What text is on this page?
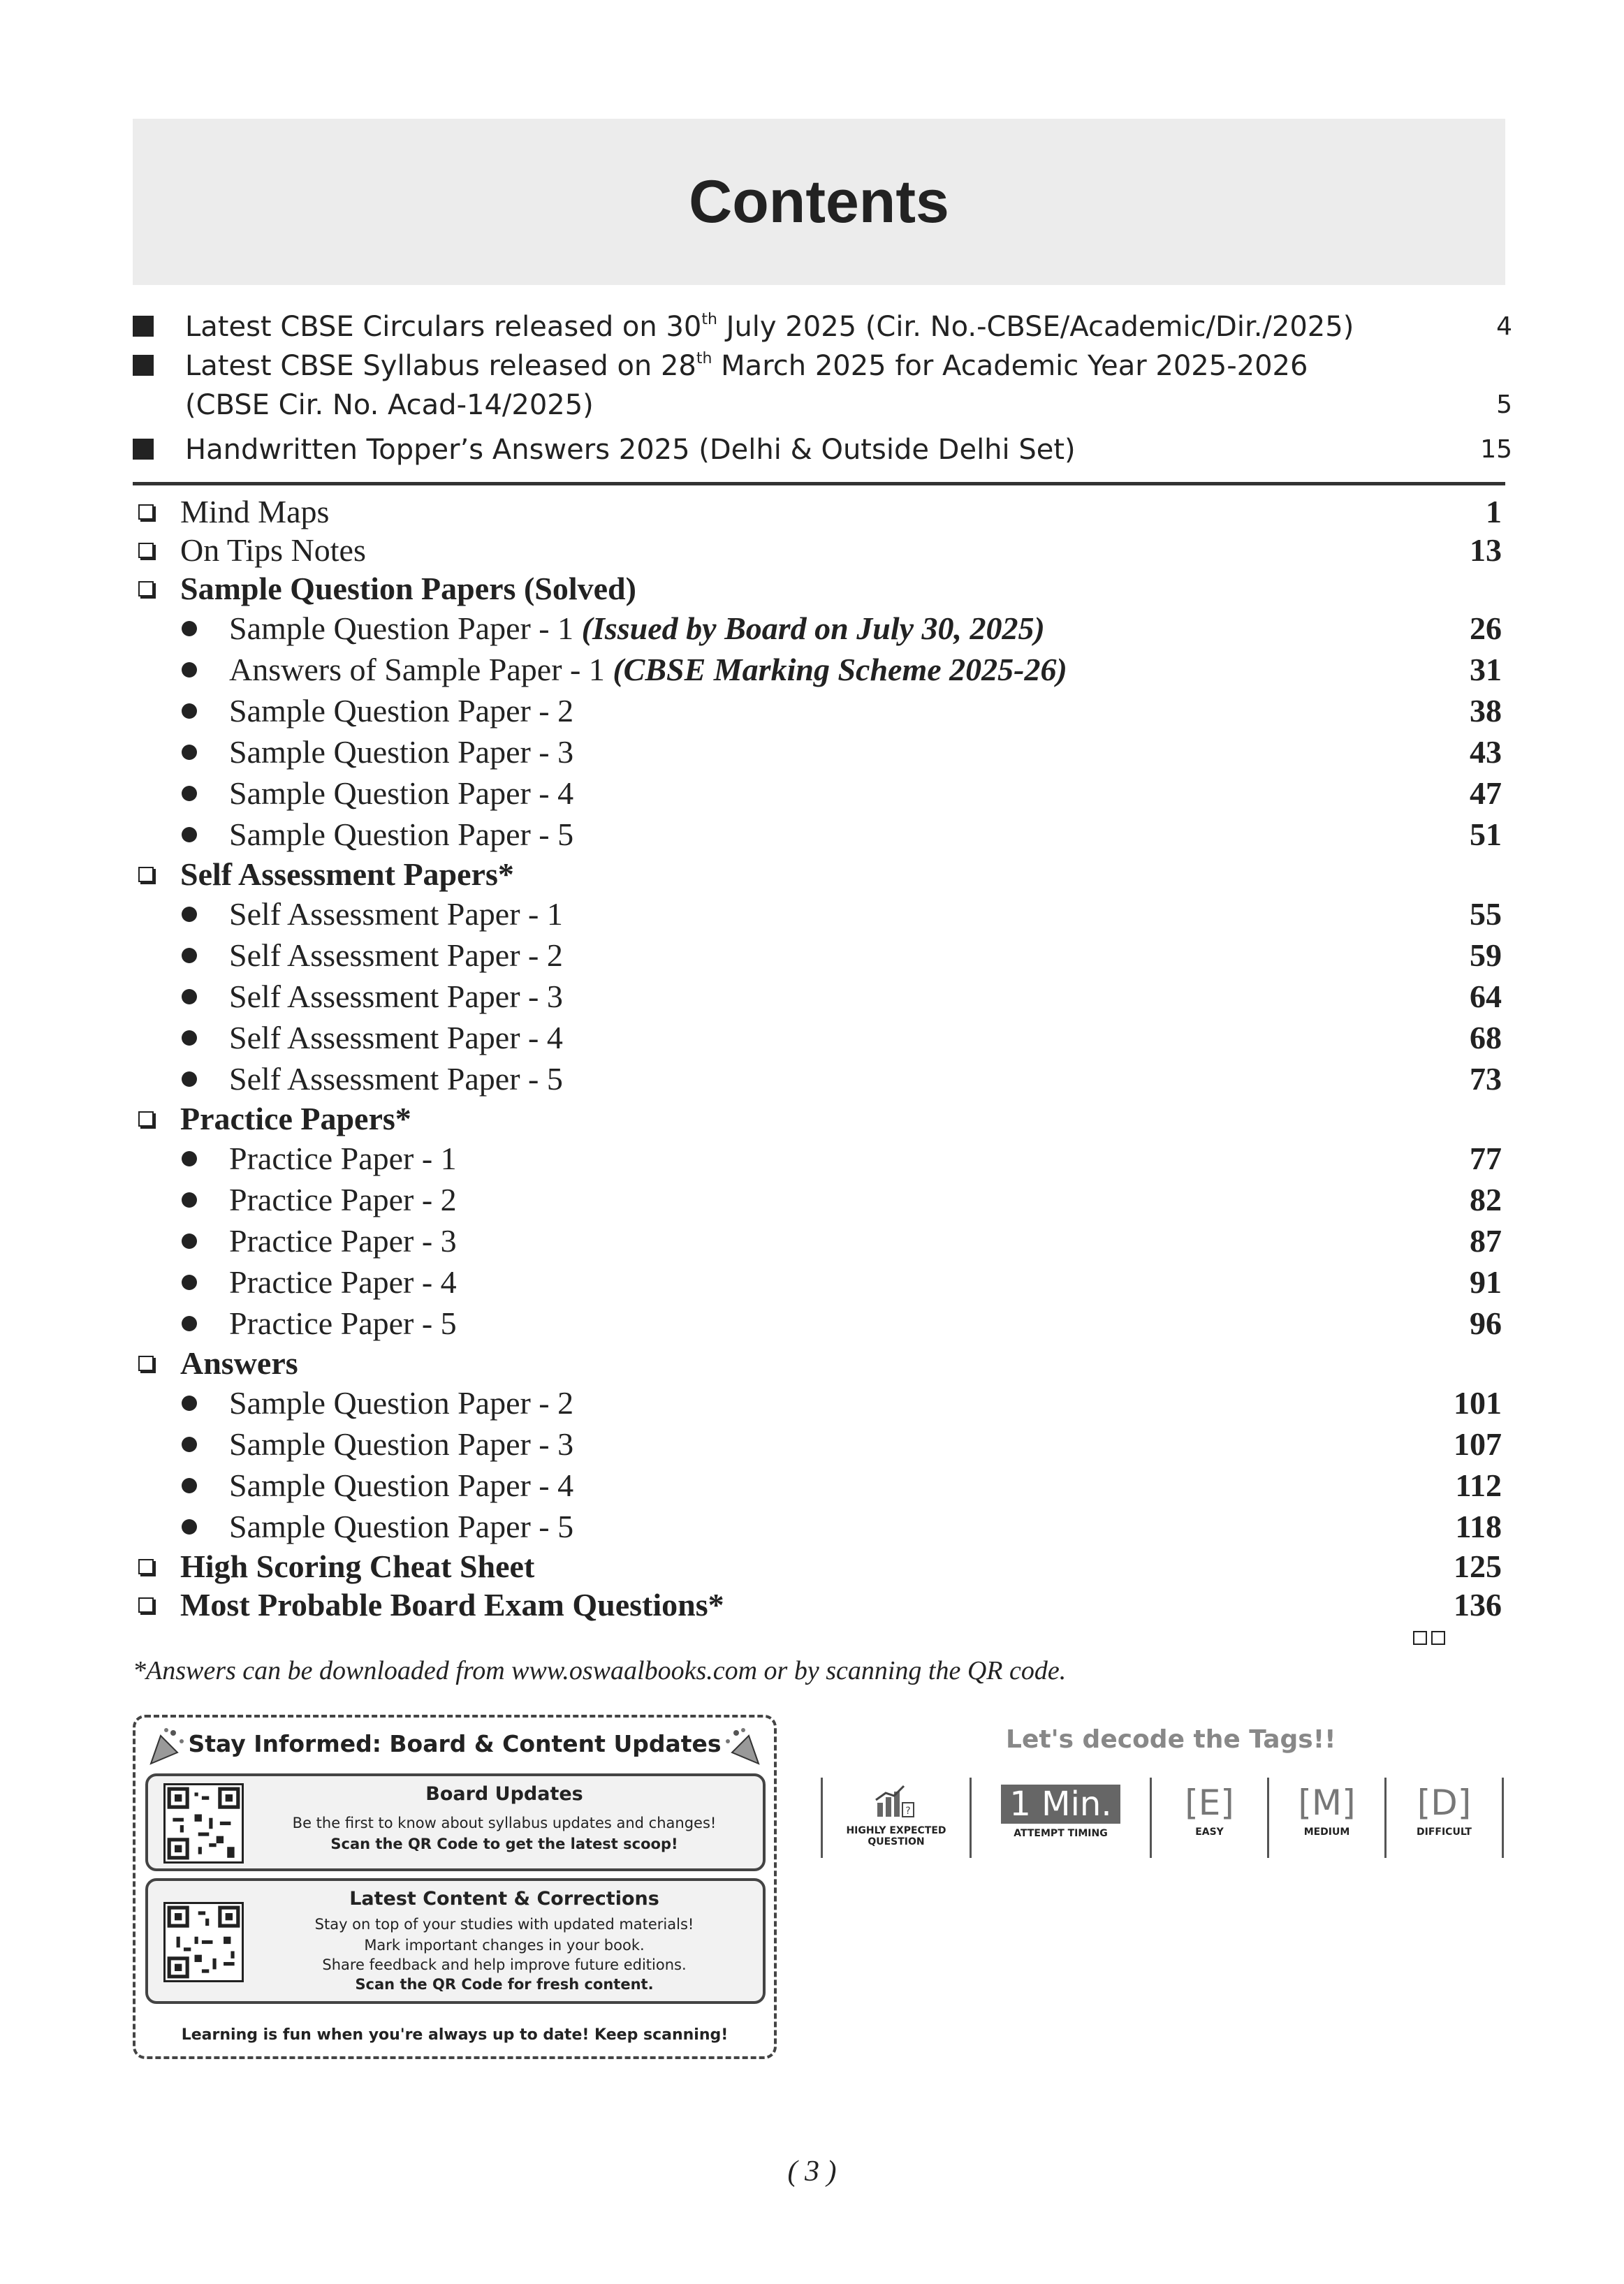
Contents
Latest CBSE Circulars released on 30th July 2025 (Cir. No.-CBSE/Academic/Dir./2025)	4
Latest CBSE Syllabus released on 28th March 2025 for Academic Year 2025-2026
(CBSE Cir. No. Acad-14/2025)	5
Handwritten Topper’s Answers 2025 (Delhi & Outside Delhi Set)	15
Mind Maps	1
On Tips Notes	13
Sample Question Papers (Solved)
Sample Question Paper - 1 (Issued by Board on July 30, 2025)	26
Answers of Sample Paper - 1 (CBSE Marking Scheme 2025-26)	31
Sample Question Paper - 2	38
Sample Question Paper - 3	43
Sample Question Paper - 4	47
Sample Question Paper - 5	51
Self Assessment Papers*
Self Assessment Paper - 1	55
Self Assessment Paper - 2	59
Self Assessment Paper - 3	64
Self Assessment Paper - 4	68
Self Assessment Paper - 5	73
Practice Papers*
Practice Paper - 1	77
Practice Paper - 2	82
Practice Paper - 3	87
Practice Paper - 4	91
Practice Paper - 5	96
Answers
Sample Question Paper - 2	101
Sample Question Paper - 3	107
Sample Question Paper - 4	112
Sample Question Paper - 5	118
High Scoring Cheat Sheet	125
Most Probable Board Exam Questions*	136
*Answers can be downloaded from www.oswaalbooks.com or by scanning the QR code.
Stay Informed: Board & Content Updates
Board Updates
Be the first to know about syllabus updates and changes!
Scan the QR Code to get the latest scoop!
Latest Content & Corrections
Stay on top of your studies with updated materials!
Mark important changes in your book.
Share feedback and help improve future editions.
Scan the QR Code for fresh content.
Learning is fun when you're always up to date! Keep scanning!
Let's decode the Tags!!
?
HIGHLY EXPECTED QUESTION
1 Min.
ATTEMPT TIMING
[E]
EASY
[M]
MEDIUM
[D]
DIFFICULT
( 3 )
